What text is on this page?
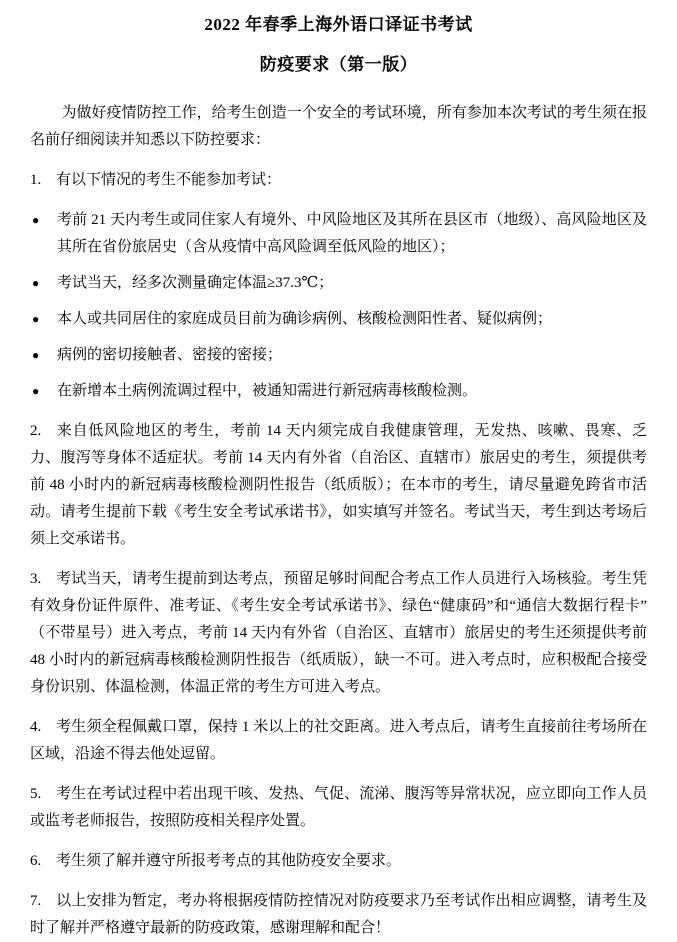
2022 年春季上海外语口译证书考试
防疫要求（第一版）

为做好疫情防控工作，给考生创造一个安全的考试环境，所有参加本次考试的考生须在报名前仔细阅读并知悉以下防控要求：

1. 有以下情况的考生不能参加考试：

● 考前 21 天内考生或同住家人有境外、中风险地区及其所在县区市（地级）、高风险地区及其所在省份旅居史（含从疫情中高风险调至低风险的地区）；
● 考试当天，经多次测量确定体温≥37.3℃；
● 本人或共同居住的家庭成员目前为确诊病例、核酸检测阳性者、疑似病例；
● 病例的密切接触者、密接的密接；
● 在新增本土病例流调过程中，被通知需进行新冠病毒核酸检测。

2. 来自低风险地区的考生，考前 14 天内须完成自我健康管理，无发热、咳嗽、畏寒、乏力、腹泻等身体不适症状。考前 14 天内有外省（自治区、直辖市）旅居史的考生，须提供考前 48 小时内的新冠病毒核酸检测阴性报告（纸质版）；在本市的考生，请尽量避免跨省市活动。请考生提前下载《考生安全考试承诺书》，如实填写并签名。考试当天，考生到达考场后须上交承诺书。

3. 考试当天，请考生提前到达考点，预留足够时间配合考点工作人员进行入场核验。考生凭有效身份证件原件、准考证、《考生安全考试承诺书》、绿色“健康码”和“通信大数据行程卡”（不带星号）进入考点，考前 14 天内有外省（自治区、直辖市）旅居史的考生还须提供考前 48 小时内的新冠病毒核酸检测阴性报告（纸质版），缺一不可。进入考点时，应积极配合接受身份识别、体温检测，体温正常的考生方可进入考点。

4. 考生须全程佩戴口罩，保持 1 米以上的社交距离。进入考点后，请考生直接前往考场所在区域，沿途不得去他处逗留。

5. 考生在考试过程中若出现干咳、发热、气促、流涕、腹泻等异常状况，应立即向工作人员或监考老师报告，按照防疫相关程序处置。

6. 考生须了解并遵守所报考考点的其他防疫安全要求。

7. 以上安排为暂定，考办将根据疫情防控情况对防疫要求乃至考试作出相应调整，请考生及时了解并严格遵守最新的防疫政策，感谢理解和配合！
